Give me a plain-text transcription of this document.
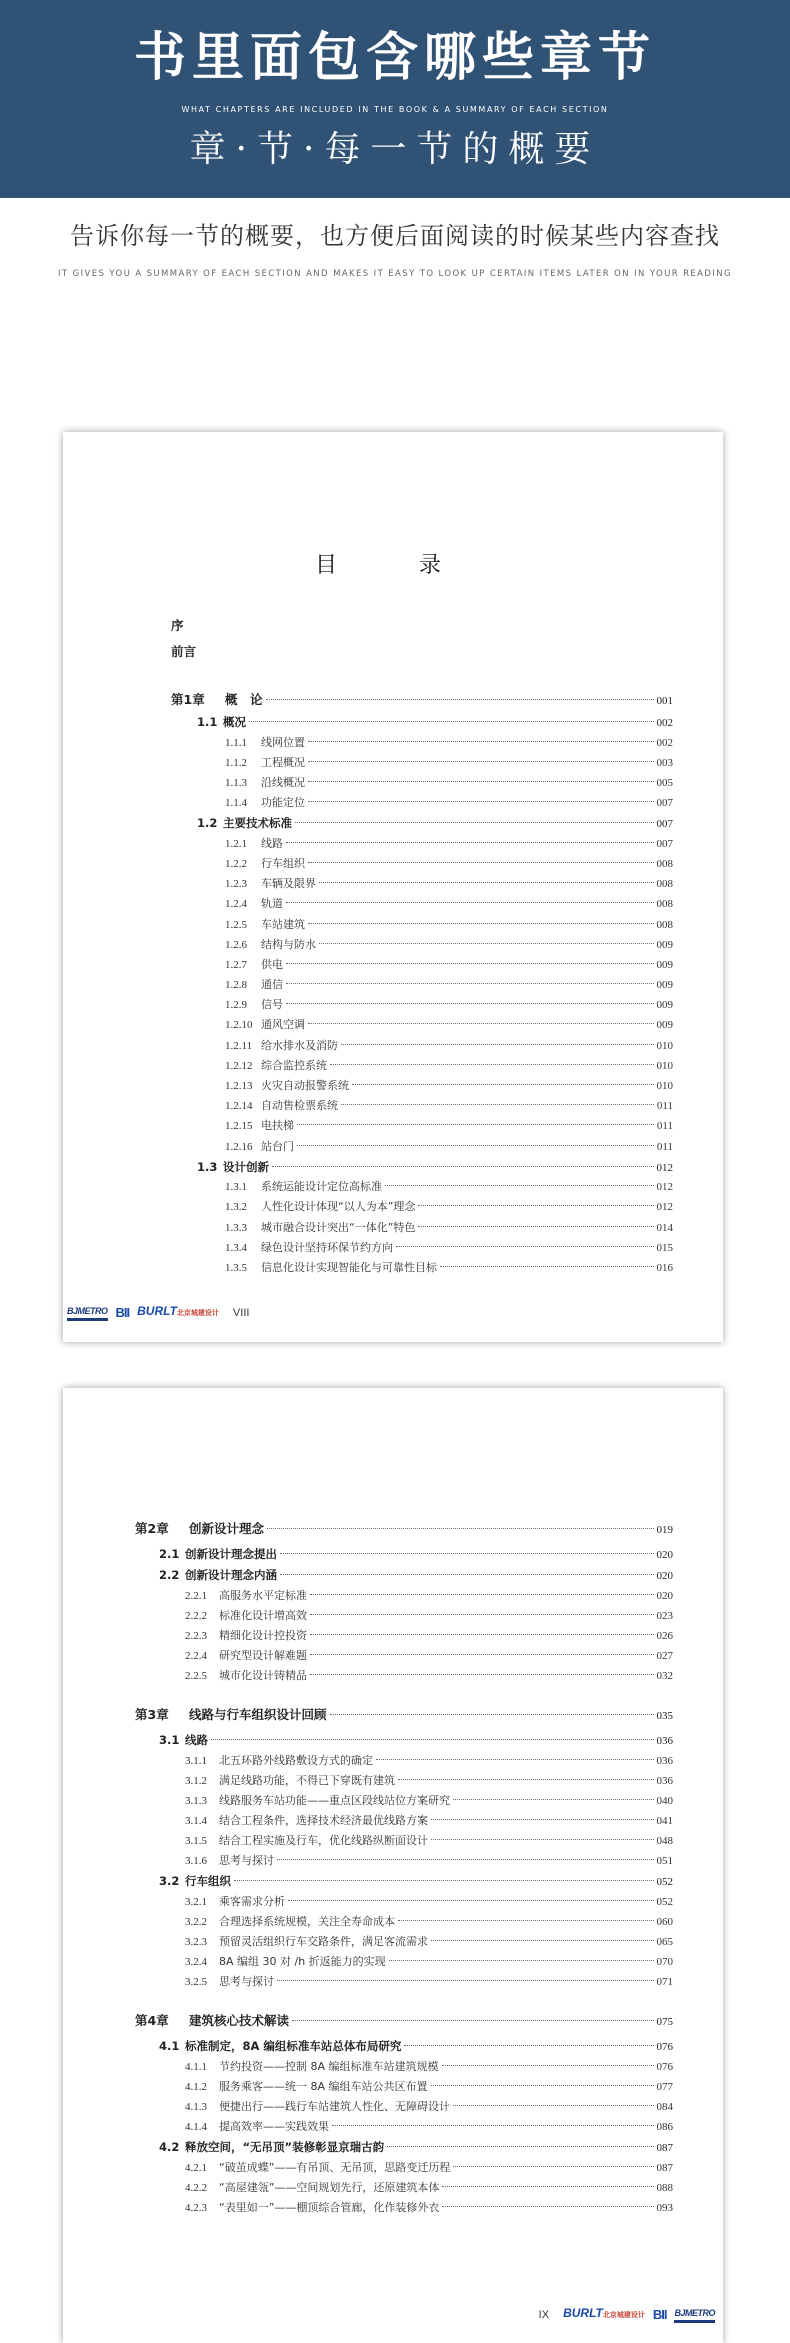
书里面包含哪些章节
WHAT CHAPTERS ARE INCLUDED IN THE BOOK & A SUMMARY OF EACH SECTION
章·节·每一节的概要
告诉你每一节的概要，也方便后面阅读的时候某些内容查找
IT GIVES YOU A SUMMARY OF EACH SECTION AND MAKES IT EASY TO LOOK UP CERTAIN ITEMS LATER ON IN YOUR READING
目　录
序
前言
第1章	概　论	001
1.1 概况	002
1.1.1	线网位置	002
1.1.2	工程概况	003
1.1.3	沿线概况	005
1.1.4	功能定位	007
1.2 主要技术标准	007
1.2.1	线路	007
1.2.2	行车组织	008
1.2.3	车辆及限界	008
1.2.4	轨道	008
1.2.5	车站建筑	008
1.2.6	结构与防水	009
1.2.7	供电	009
1.2.8	通信	009
1.2.9	信号	009
1.2.10 通风空调	009
1.2.11 给水排水及消防	010
1.2.12 综合监控系统	010
1.2.13 火灾自动报警系统	010
1.2.14 自动售检票系统	011
1.2.15 电扶梯	011
1.2.16 站台门	011
1.3 设计创新	012
1.3.1	系统运能设计定位高标准	012
1.3.2	人性化设计体现“以人为本”理念	012
1.3.3	城市融合设计突出“一体化”特色	014
1.3.4	绿色设计坚持环保节约方向	015
1.3.5	信息化设计实现智能化与可靠性目标	016
BJMETRO BII BURLT北京城建设计 VIII
第2章	创新设计理念	019
2.1 创新设计理念提出	020
2.2 创新设计理念内涵	020
2.2.1	高服务水平定标准	020
2.2.2	标准化设计增高效	023
2.2.3	精细化设计控投资	026
2.2.4	研究型设计解难题	027
2.2.5	城市化设计铸精品	032
第3章	线路与行车组织设计回顾	035
3.1 线路	036
3.1.1	北五环路外线路敷设方式的确定	036
3.1.2	满足线路功能，不得已下穿既有建筑	036
3.1.3	线路服务车站功能——重点区段线站位方案研究	040
3.1.4	结合工程条件，选择技术经济最优线路方案	041
3.1.5	结合工程实施及行车，优化线路纵断面设计	048
3.1.6	思考与探讨	051
3.2 行车组织	052
3.2.1	乘客需求分析	052
3.2.2	合理选择系统规模，关注全寿命成本	060
3.2.3	预留灵活组织行车交路条件，满足客流需求	065
3.2.4	8A 编组 30 对 /h 折返能力的实现	070
3.2.5	思考与探讨	071
第4章	建筑核心技术解读	075
4.1 标准制定，8A 编组标准车站总体布局研究	076
4.1.1	节约投资——控制 8A 编组标准车站建筑规模	076
4.1.2	服务乘客——统一 8A 编组车站公共区布置	077
4.1.3	便捷出行——践行车站建筑人性化、无障碍设计	084
4.1.4	提高效率——实践效果	086
4.2 释放空间，“无吊顶”装修彰显京瑞古韵	087
4.2.1	“破茧成蝶”——有吊顶、无吊顶，思路变迁历程	087
4.2.2	“高屋建瓴”——空间规划先行，还原建筑本体	088
4.2.3	“表里如一”——棚顶综合管廊，化作装修外衣	093
IX BURLT北京城建设计 BII BJMETRO
